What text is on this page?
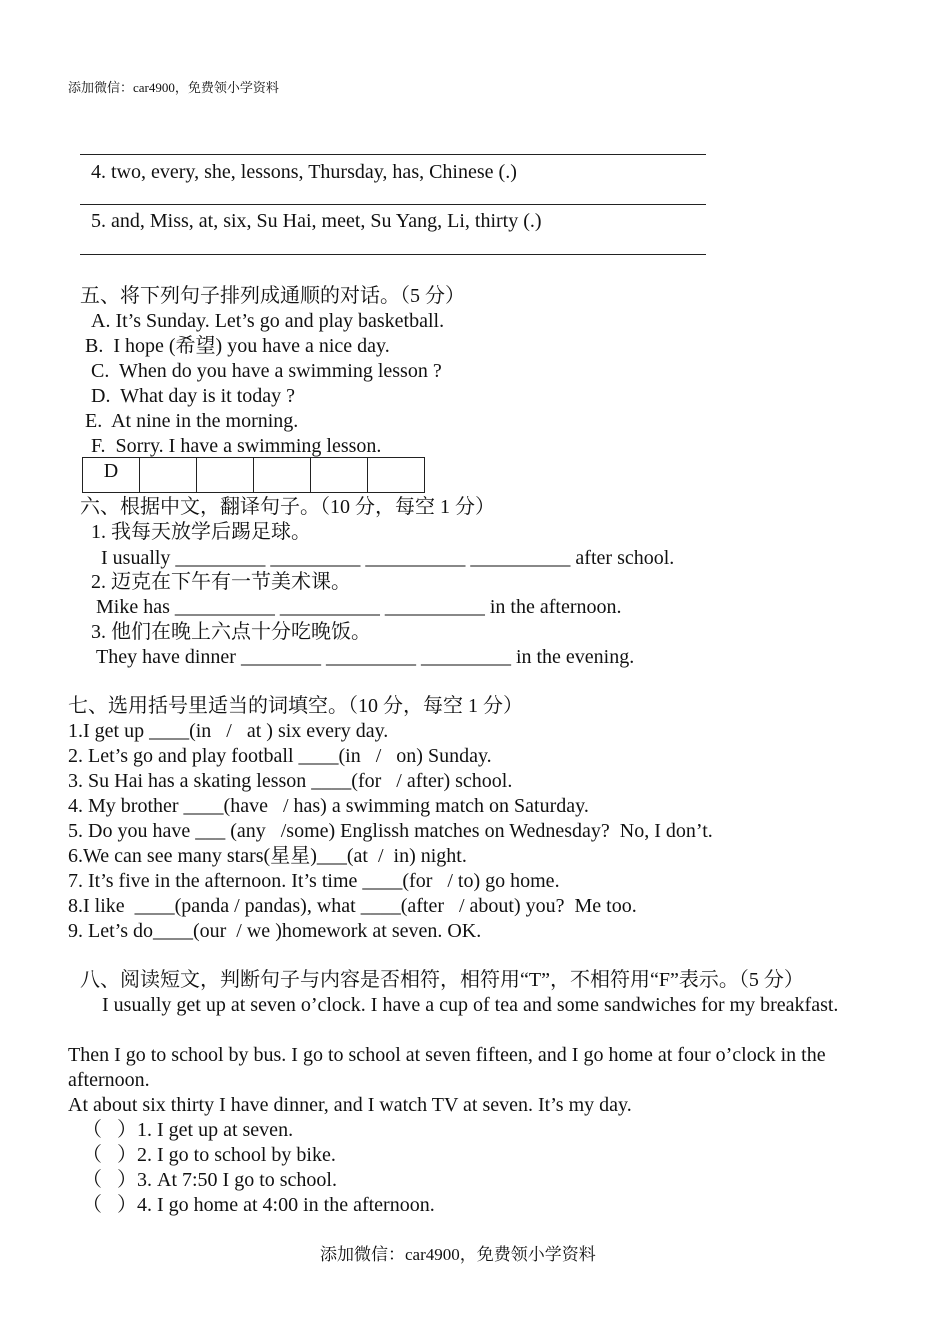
添加微信：car4900，免费领小学资料
4. two, every, she, lessons, Thursday, has, Chinese (.)
5. and, Miss, at, six, Su Hai, meet, Su Yang, Li, thirty (.)
五、将下列句子排列成通顺的对话。（5 分）
A. It’s Sunday. Let’s go and play basketball.
B.  I hope (希望) you have a nice day.
C.  When do you have a swimming lesson ?
D.  What day is it today ?
E.  At nine in the morning.
F.  Sorry. I have a swimming lesson.
D					
六、根据中文，翻译句子。（10 分，每空 1 分）
1. 我每天放学后踢足球。
I usually _________ _________ __________ __________ after school.
2. 迈克在下午有一节美术课。
Mike has __________ __________ __________ in the afternoon.
3. 他们在晚上六点十分吃晚饭。
They have dinner ________ _________ _________ in the evening.
七、选用括号里适当的词填空。（10 分，每空 1 分）
1.I get up ____(in   /   at ) six every day.
2. Let’s go and play football ____(in   /   on) Sunday.
3. Su Hai has a skating lesson ____(for   / after) school.
4. My brother ____(have   / has) a swimming match on Saturday.
5. Do you have ___ (any   /some) Englissh matches on Wednesday?  No, I don’t.
6.We can see many stars(星星)___(at  /  in) night.
7. It’s five in the afternoon. It’s time ____(for   / to) go home.
8.I like  ____(panda / pandas), what ____(after   / about) you?  Me too.
9. Let’s do____(our  / we )homework at seven. OK.
八、阅读短文，判断句子与内容是否相符，相符用“T”，不相符用“F”表示。（5 分）
I usually get up at seven o’clock. I have a cup of tea and some sandwiches for my breakfast.
Then I go to school by bus. I go to school at seven fifteen, and I go home at four o’clock in the afternoon.
At about six thirty I have dinner, and I watch TV at seven. It’s my day.
（   ）1. I get up at seven.
（   ）2. I go to school by bike.
（   ）3. At 7:50 I go to school.
（   ）4. I go home at 4:00 in the afternoon.
添加微信：car4900，免费领小学资料
